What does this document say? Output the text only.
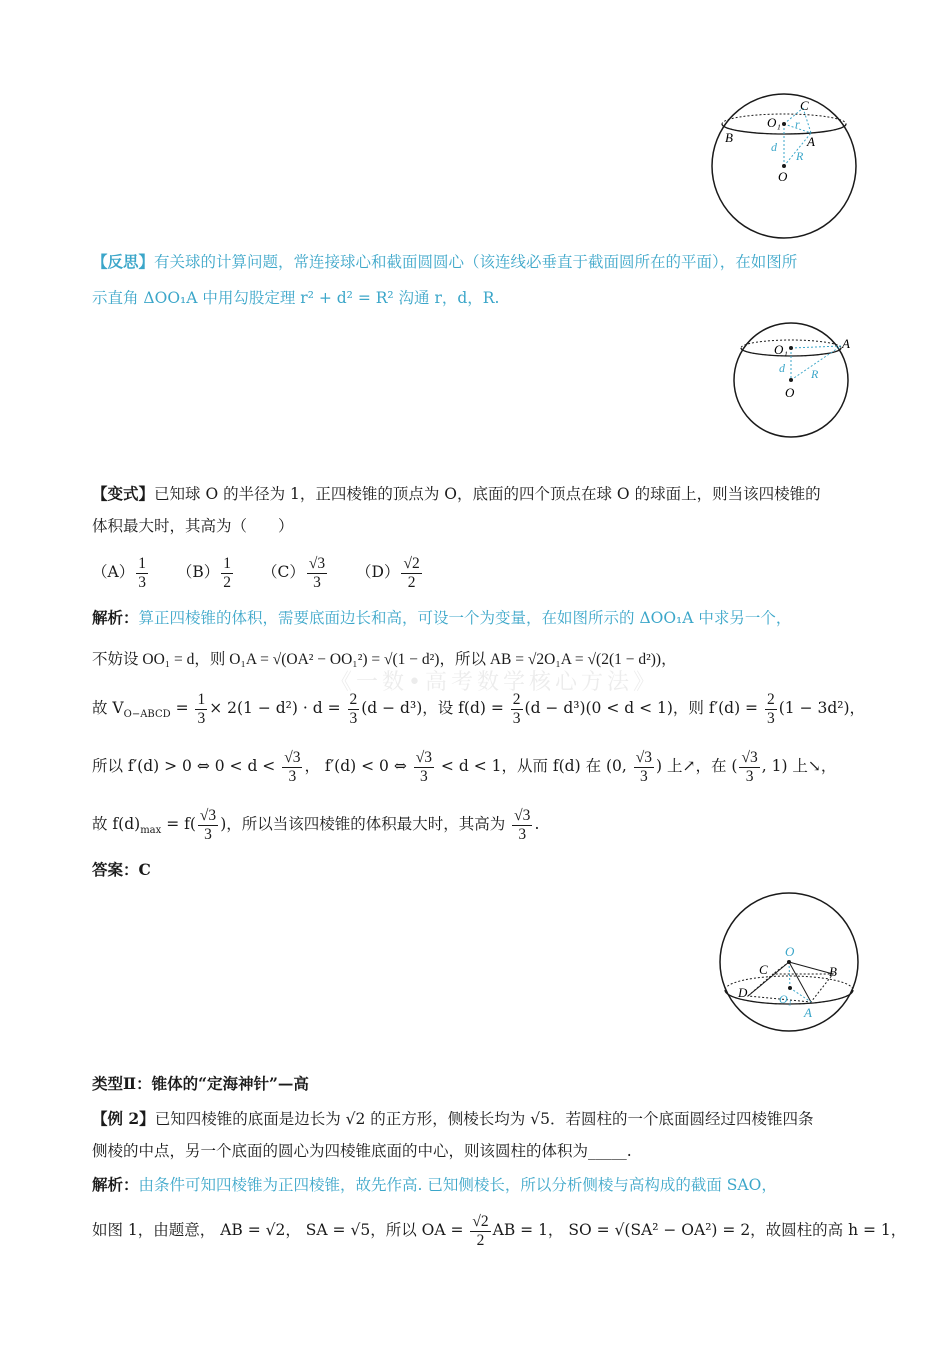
C
O₁ r
B	A
d
R
O
【反思】有关球的计算问题，常连接球心和截面圆圆心（该连线必垂直于截面圆所在的平面），在如图所
示直角 ΔOO₁A 中用勾股定理 r² + d² = R² 沟通 r，d，R.
O₁	A
d R
O
【变式】已知球 O 的半径为 1，正四棱锥的顶点为 O，底面的四个顶点在球 O 的球面上，则当该四棱锥的
体积最大时，其高为（　　）
$(A) \frac{1}{3} (B) \frac{1}{2} (C) \frac{√3}{3} (D) \frac{√2}{2}$
《一数•高考数学核心方法》
解析：算正四棱锥的体积，需要底面边长和高，可设一个为变量，在如图所示的 ΔOO₁A 中求另一个，
不妨设 OO₁ = d，则 O₁A = √(OA² − OO₁²) = √(1 − d²)，所以 AB = √2O₁A = √(2(1 − d²))，
故 $V_{O-ABCD} = \frac{1}{3} \times 2(1 - d^2) \cdot d = \frac{2}{3} (d - d^3)$，设 $f(d) = \frac{2}{3} (d - d^3)(0 < d < 1)$，则 $f'(d) = \frac{2}{3} (1 - 3d^2)$，
所以 f′(d) > 0 ⇔ $0 < d < \frac{√3}{3}$ ， f′(d) < 0 ⇔ $\frac{√3}{3} < d < 1$，从而 f(d) 在 (0, $\frac{√3}{3}$ ) 上↗，在 ( $\frac{√3}{3}$ , 1) 上↘，
故 $f(d)_{max} = f( \frac{√3}{3}$ )，所以当该四棱锥的体积最大时，其高为 $\frac{√3}{3}$ .
答案：C
O
C	B
D	O₁
A
类型Ⅱ：锥体的“定海神针”—高
【例 2】已知四棱锥的底面是边长为 √2 的正方形，侧棱长均为 √5．若圆柱的一个底面圆经过四棱锥四条
侧棱的中点，另一个底面的圆心为四棱锥底面的中心，则该圆柱的体积为_____.
解析：由条件可知四棱锥为正四棱锥，故先作高. 已知侧棱长，所以分析侧棱与高构成的截面 SAO，
如图 1，由题意， AB = √2， SA = √5，所以 OA = $\frac{√2}{2}$ AB = 1， SO = √(SA² − OA²) = 2，故圆柱的高 h = 1，
